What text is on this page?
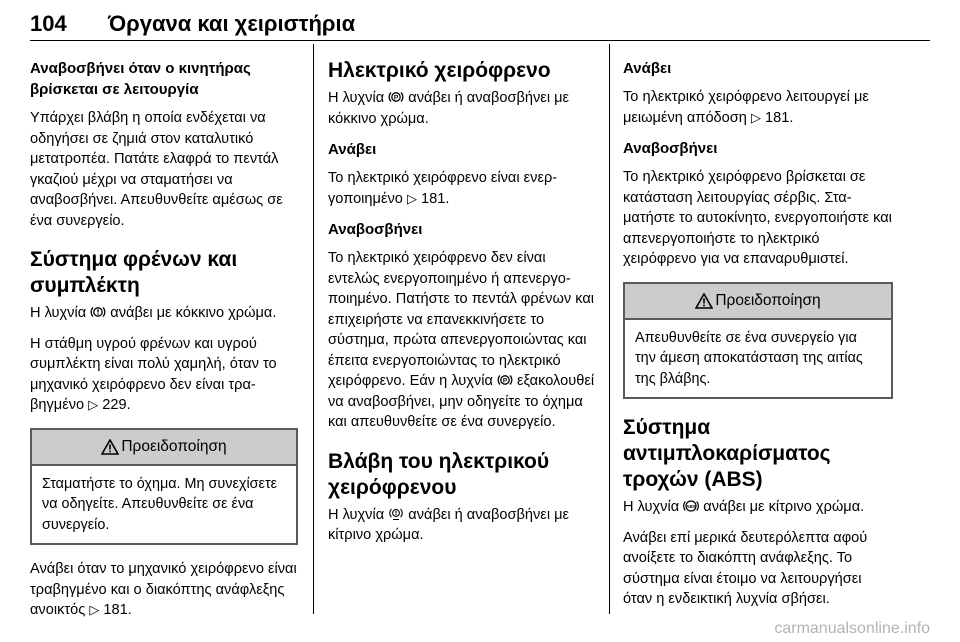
104 Όργανα και χειριστήρια
Αναβοσβήνει όταν ο κινητήρας βρίσκεται σε λειτουργία

Υπάρχει βλάβη η οποία ενδέχεται να οδηγήσει σε ζημιά στον καταλυτικό μετατροπέα. Πατάτε ελαφρά το πεντάλ γκαζιού μέχρι να σταματήσει να αναβοσβήνει. Απευθυνθείτε αμέσως σε ένα συνεργείο.

Σύστημα φρένων και συμπλέκτη

Η λυχνία  ανάβει με κόκκινο χρώμα.

Η στάθμη υγρού φρένων και υγρού συμπλέκτη είναι πολύ χαμηλή, όταν το μηχανικό χειρόφρενο δεν είναι τραβηγμένο ▷ 229.

Προειδοποίηση
Σταματήστε το όχημα. Μη συνεχίσετε να οδηγείτε. Απευθυνθείτε σε ένα συνεργείο.

Ανάβει όταν το μηχανικό χειρόφρενο είναι τραβηγμένο και ο διακόπτης ανάφλεξης ανοικτός ▷ 181.

Ηλεκτρικό χειρόφρενο

Η λυχνία P ανάβει ή αναβοσβήνει με κόκκινο χρώμα.

Ανάβει

Το ηλεκτρικό χειρόφρενο είναι ενεργοποιημένο ▷ 181.

Αναβοσβήνει

Το ηλεκτρικό χειρόφρενο δεν είναι εντελώς ενεργοποιημένο ή απενεργοποιημένο. Πατήστε το πεντάλ φρένων και επιχειρήστε να επανεκκινήσετε το σύστημα, πρώτα απενεργοποιώντας και έπειτα ενεργοποιώντας το ηλεκτρικό χειρόφρενο. Εάν η λυχνία P εξακολουθεί να αναβοσβήνει, μην οδηγείτε το όχημα και απευθυνθείτε σε ένα συνεργείο.

Βλάβη του ηλεκτρικού χειρόφρενου

Η λυχνία  ανάβει ή αναβοσβήνει με κίτρινο χρώμα.

Ανάβει

Το ηλεκτρικό χειρόφρενο λειτουργεί με μειωμένη απόδοση ▷ 181.

Αναβοσβήνει

Το ηλεκτρικό χειρόφρενο βρίσκεται σε κατάσταση λειτουργίας σέρβις. Σταματήστε το αυτοκίνητο, ενεργοποιήστε και απενεργοποιήστε το ηλεκτρικό χειρόφρενο για να επαναρυθμιστεί.

Προειδοποίηση
Απευθυνθείτε σε ένα συνεργείο για την άμεση αποκατάσταση της αιτίας της βλάβης.
Σύστημα αντιμπλοκαρίσματος τροχών (ABS)

Η λυχνία ABS ανάβει με κίτρινο χρώμα.

Ανάβει επί μερικά δευτερόλεπτα αφού ανοίξετε το διακόπτη ανάφλεξης. Το σύστημα είναι έτοιμο να λειτουργήσει όταν η ενδεικτική λυχνία σβήσει.

carmanualsonline.info
